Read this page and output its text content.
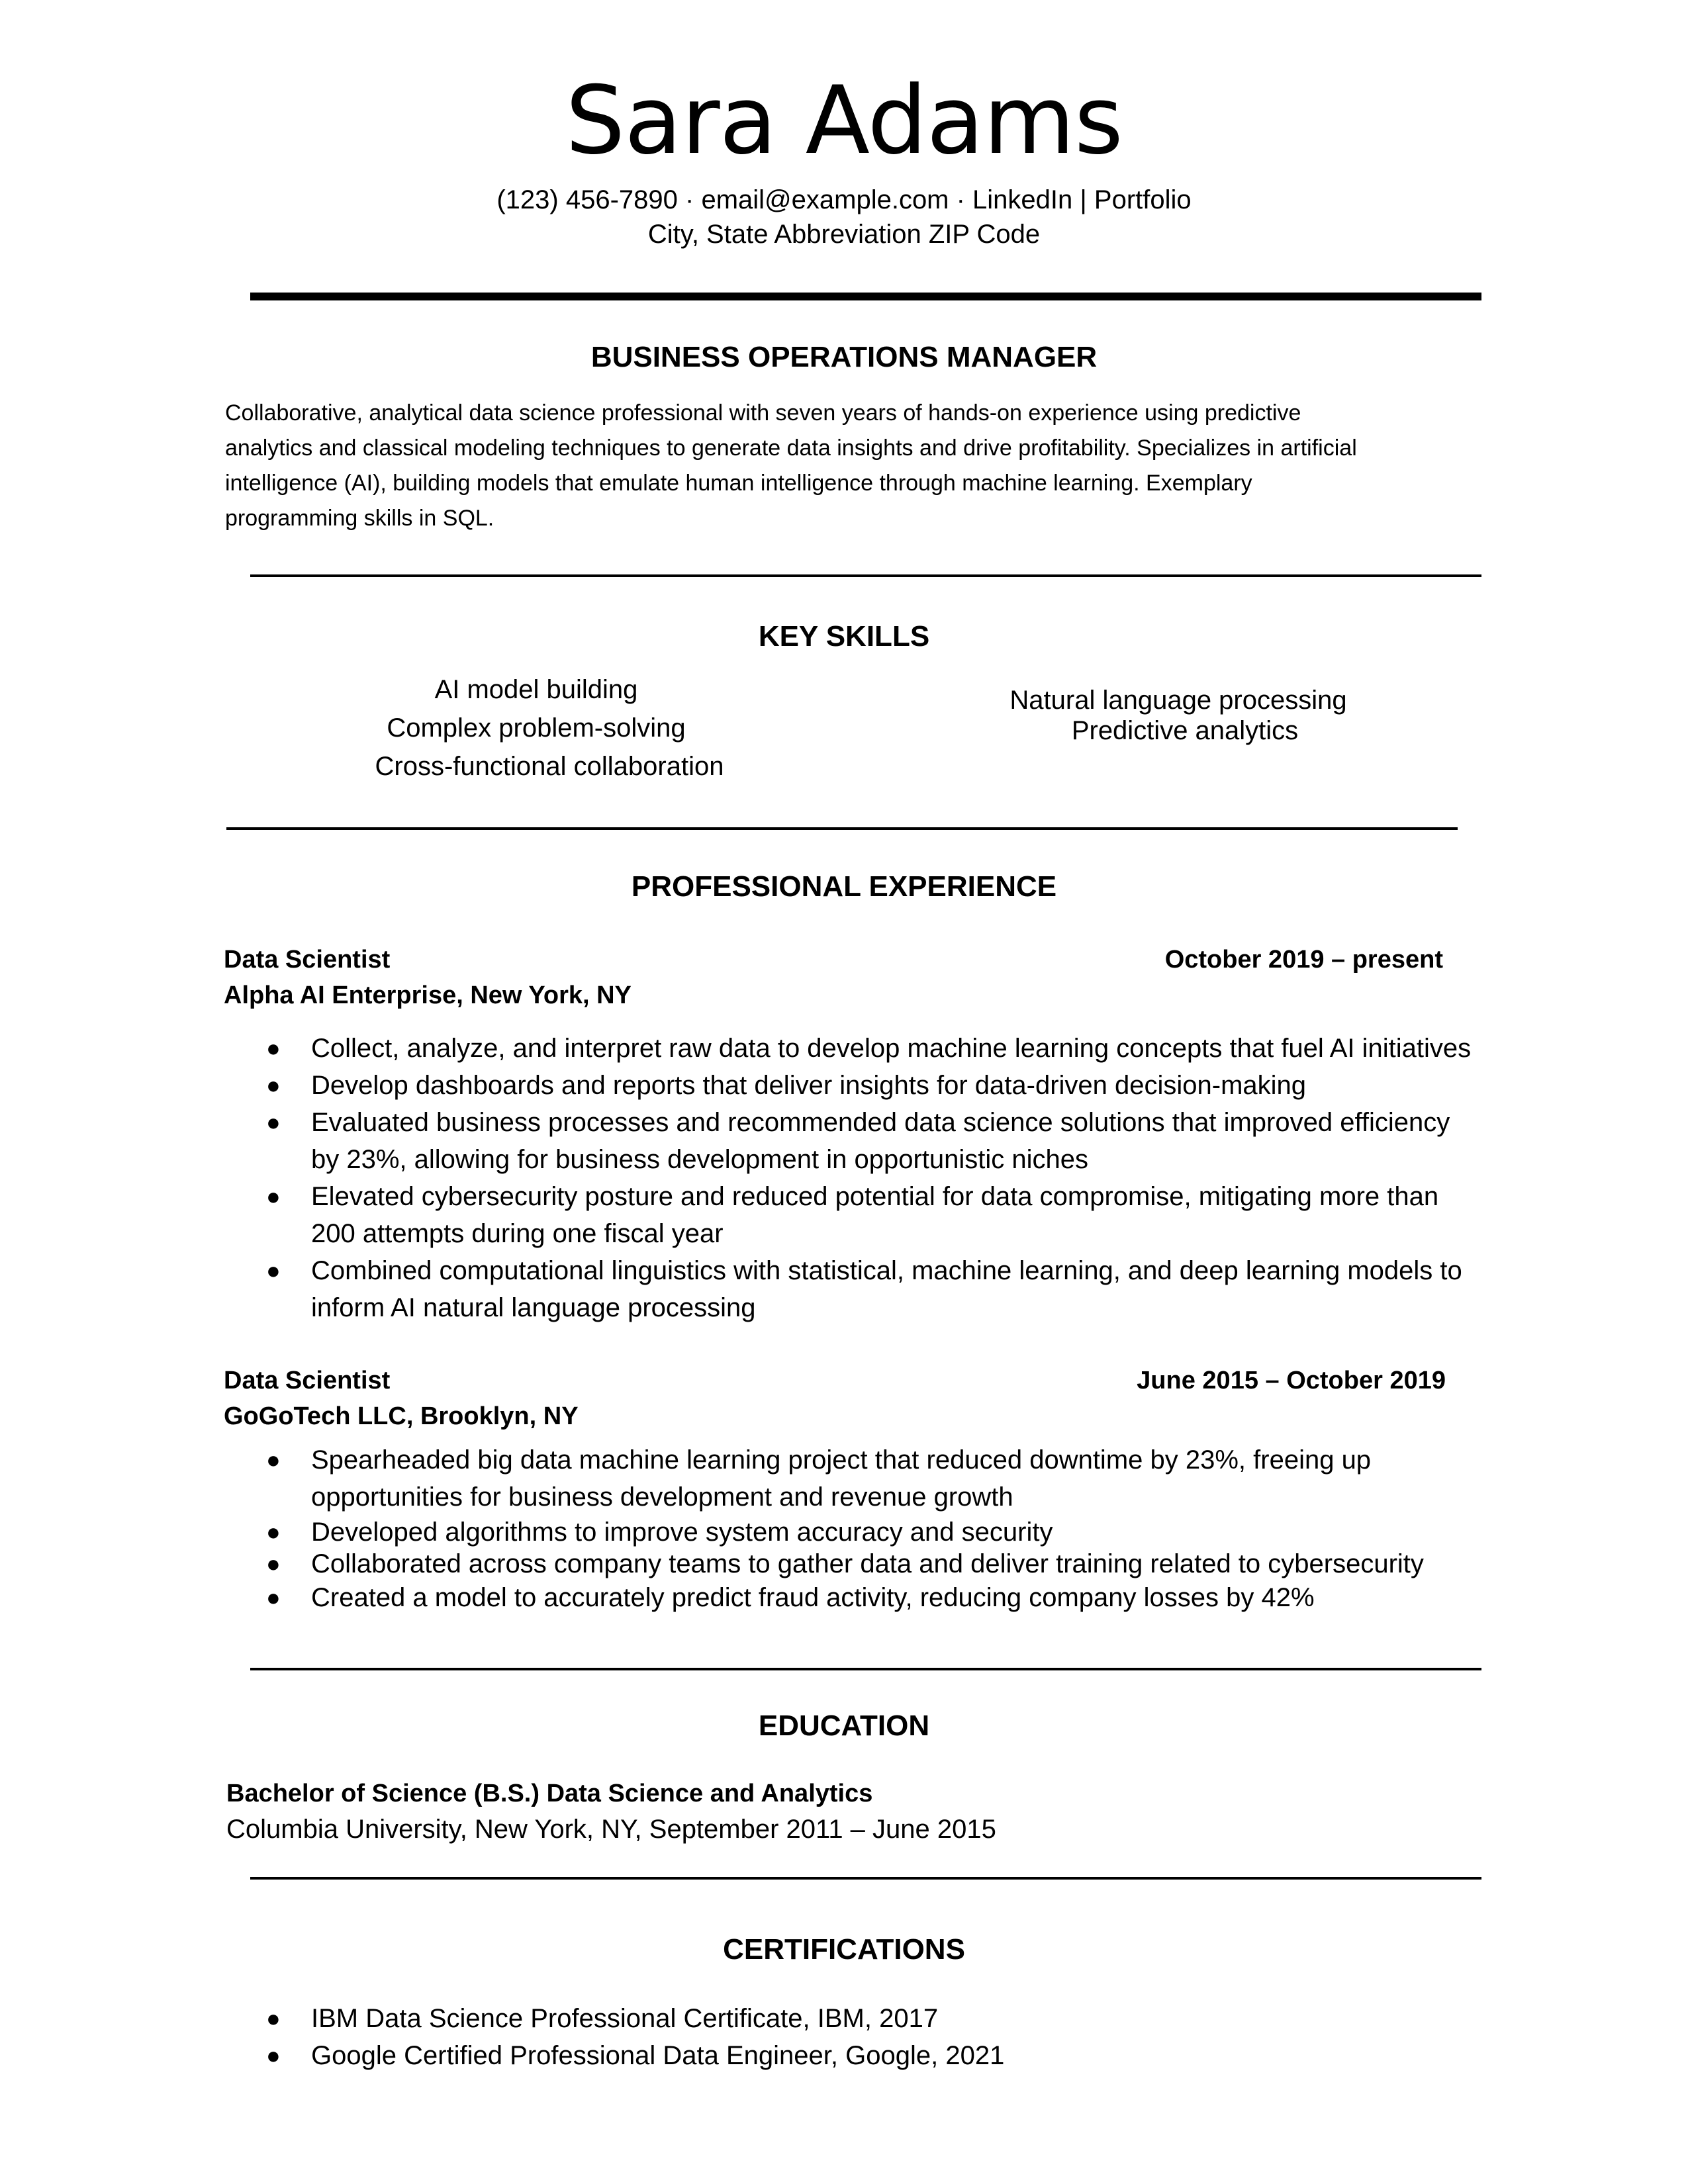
Sara Adams
(123) 456-7890 · email@example.com · LinkedIn | Portfolio
City, State Abbreviation ZIP Code
BUSINESS OPERATIONS MANAGER
Collaborative, analytical data science professional with seven years of hands-on experience using predictive
analytics and classical modeling techniques to generate data insights and drive profitability. Specializes in artificial
intelligence (AI), building models that emulate human intelligence through machine learning. Exemplary
programming skills in SQL.
KEY SKILLS
AI model building
Complex problem-solving
Cross-functional collaboration
Natural language processing
Predictive analytics
PROFESSIONAL EXPERIENCE
Data Scientist	October 2019 – present
Alpha AI Enterprise, New York, NY
● Collect, analyze, and interpret raw data to develop machine learning concepts that fuel AI initiatives
● Develop dashboards and reports that deliver insights for data-driven decision-making
● Evaluated business processes and recommended data science solutions that improved efficiency
by 23%, allowing for business development in opportunistic niches
● Elevated cybersecurity posture and reduced potential for data compromise, mitigating more than
200 attempts during one fiscal year
● Combined computational linguistics with statistical, machine learning, and deep learning models to
inform AI natural language processing
Data Scientist	June 2015 – October 2019
GoGoTech LLC, Brooklyn, NY
● Spearheaded big data machine learning project that reduced downtime by 23%, freeing up
opportunities for business development and revenue growth
● Developed algorithms to improve system accuracy and security
● Collaborated across company teams to gather data and deliver training related to cybersecurity
● Created a model to accurately predict fraud activity, reducing company losses by 42%
EDUCATION
Bachelor of Science (B.S.) Data Science and Analytics
Columbia University, New York, NY, September 2011 – June 2015
CERTIFICATIONS
● IBM Data Science Professional Certificate, IBM, 2017
● Google Certified Professional Data Engineer, Google, 2021
